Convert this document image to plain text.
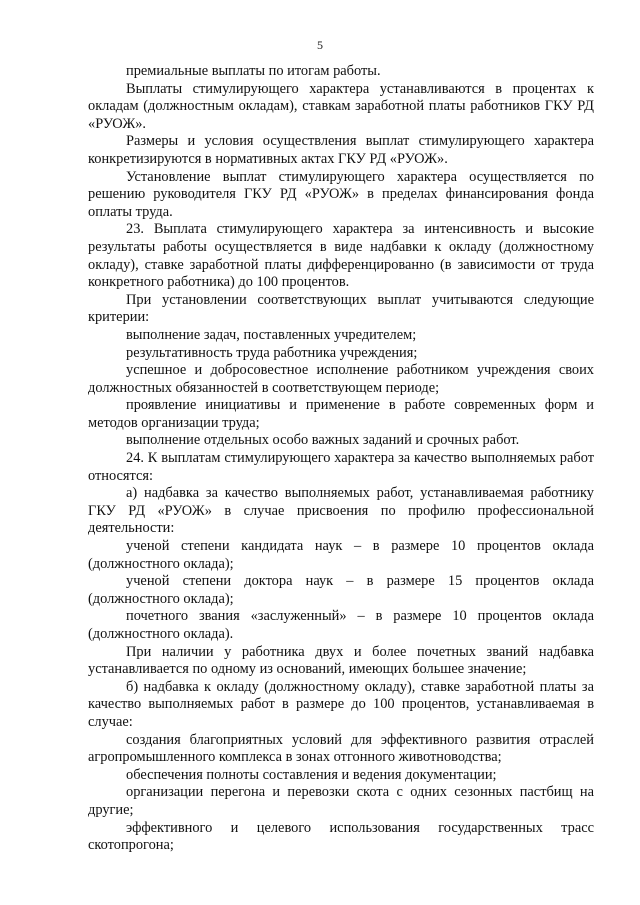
5

премиальные выплаты по итогам работы.

Выплаты стимулирующего характера устанавливаются в процентах к окладам (должностным окладам), ставкам заработной платы работников ГКУ РД «РУОЖ».

Размеры и условия осуществления выплат стимулирующего характера конкретизируются в нормативных актах ГКУ РД «РУОЖ».

Установление выплат стимулирующего характера осуществляется по решению руководителя ГКУ РД «РУОЖ» в пределах финансирования фонда оплаты труда.

23. Выплата стимулирующего характера за интенсивность и высокие результаты работы осуществляется в виде надбавки к окладу (должностному окладу), ставке заработной платы дифференцированно (в зависимости от труда конкретного работника) до 100 процентов.

При установлении соответствующих выплат учитываются следующие критерии:

выполнение задач, поставленных учредителем;

результативность труда работника учреждения;

успешное и добросовестное исполнение работником учреждения своих должностных обязанностей в соответствующем периоде;

проявление инициативы и применение в работе современных форм и методов организации труда;

выполнение отдельных особо важных заданий и срочных работ.

24. К выплатам стимулирующего характера за качество выполняемых работ относятся:

а) надбавка за качество выполняемых работ, устанавливаемая работнику ГКУ РД «РУОЖ» в случае присвоения по профилю профессиональной деятельности:

ученой степени кандидата наук – в размере 10 процентов оклада (должностного оклада);

ученой степени доктора наук – в размере 15 процентов оклада (должностного оклада);

почетного звания «заслуженный» – в размере 10 процентов оклада (должностного оклада).

При наличии у работника двух и более почетных званий надбавка устанавливается по одному из оснований, имеющих большее значение;

б) надбавка к окладу (должностному окладу), ставке заработной платы за качество выполняемых работ в размере до 100 процентов, устанавливаемая в случае:

создания благоприятных условий для эффективного развития отраслей агропромышленного комплекса в зонах отгонного животноводства;

обеспечения полноты составления и ведения документации;

организации перегона и перевозки скота с одних сезонных пастбищ на другие;

эффективного и целевого использования государственных трасс скотопрогона;
